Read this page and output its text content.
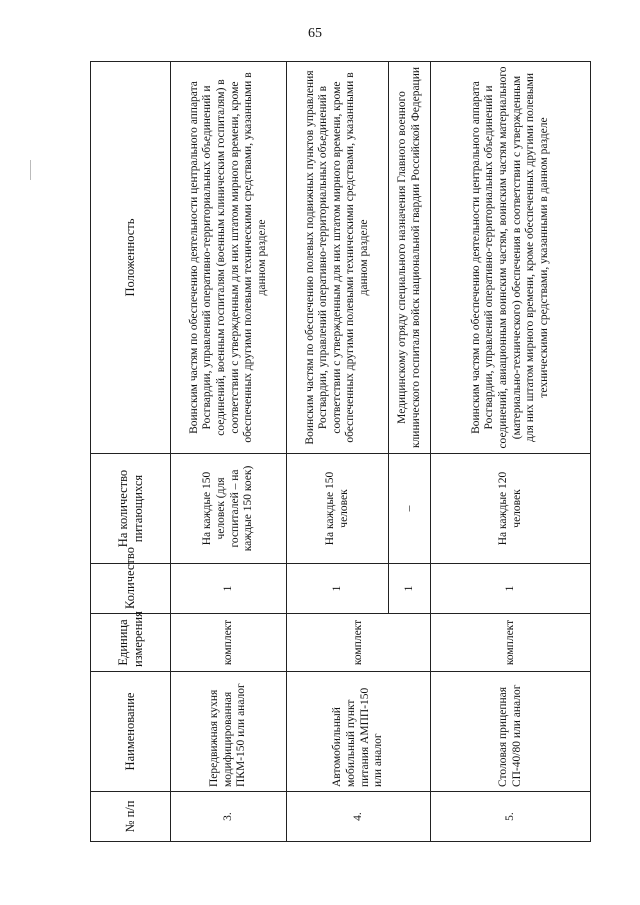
65
№ п/п	Наименование	Единица измерения	Количество	На количество питающихся	Положенность
3.	Передвижная кухня модифицированная ПКМ-150 или аналог	комплект	1	На каждые 150 человек (для госпиталей – на каждые 150 коек)	Воинским частям по обеспечению деятельности центрального аппарата Росгвардии, управлений оперативно-территориальных объединений и соединений, военным госпиталям (военным клиническим госпиталям) в соответствии с утвержденным для них штатом мирного времени, кроме обеспеченных другими полевыми техническими средствами, указанными в данном разделе
4.	Автомобильный мобильный пункт питания АМПП-150 или аналог	комплект	1	На каждые 150 человек	Воинским частям по обеспечению полевых подвижных пунктов управления Росгвардии, управлений оперативно-территориальных объединений в соответствии с утвержденным для них штатом мирного времени, кроме обеспеченных другими полевыми техническими средствами, указанными в данном разделе
			1	–	Медицинскому отряду специального назначения Главного военного клинического госпиталя войск национальной гвардии Российской Федерации
5.	Столовая прицепная СП-40/80 или аналог	комплект	1	На каждые 120 человек	Воинским частям по обеспечению деятельности центрального аппарата Росгвардии, управлений оперативно-территориальных объединений и соединений, авиационным воинским частям, воинским частям материального (материально-технического) обеспечения в соответствии с утвержденным для них штатом мирного времени, кроме обеспеченных другими полевыми техническими средствами, указанными в данном разделе
